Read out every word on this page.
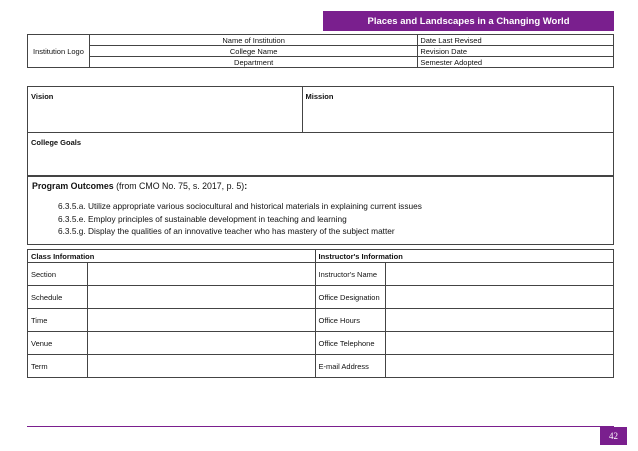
Places and Landscapes in a Changing World
Institution Logo	Name of Institution	Date Last Revised
	College Name	Revision Date
	Department	Semester Adopted
Vision	Mission
College Goals

Program Outcomes (from CMO No. 75, s. 2017, p. 5):

6.3.5.a. Utilize appropriate various sociocultural and historical materials in explaining current issues
6.3.5.e. Employ principles of sustainable development in teaching and learning
6.3.5.g. Display the qualities of an innovative teacher who has mastery of the subject matter
Class Information		Instructor's Information	
Section		Instructor's Name	
Schedule		Office Designation	
Time		Office Hours	
Venue		Office Telephone	
Term		E-mail Address	
42
